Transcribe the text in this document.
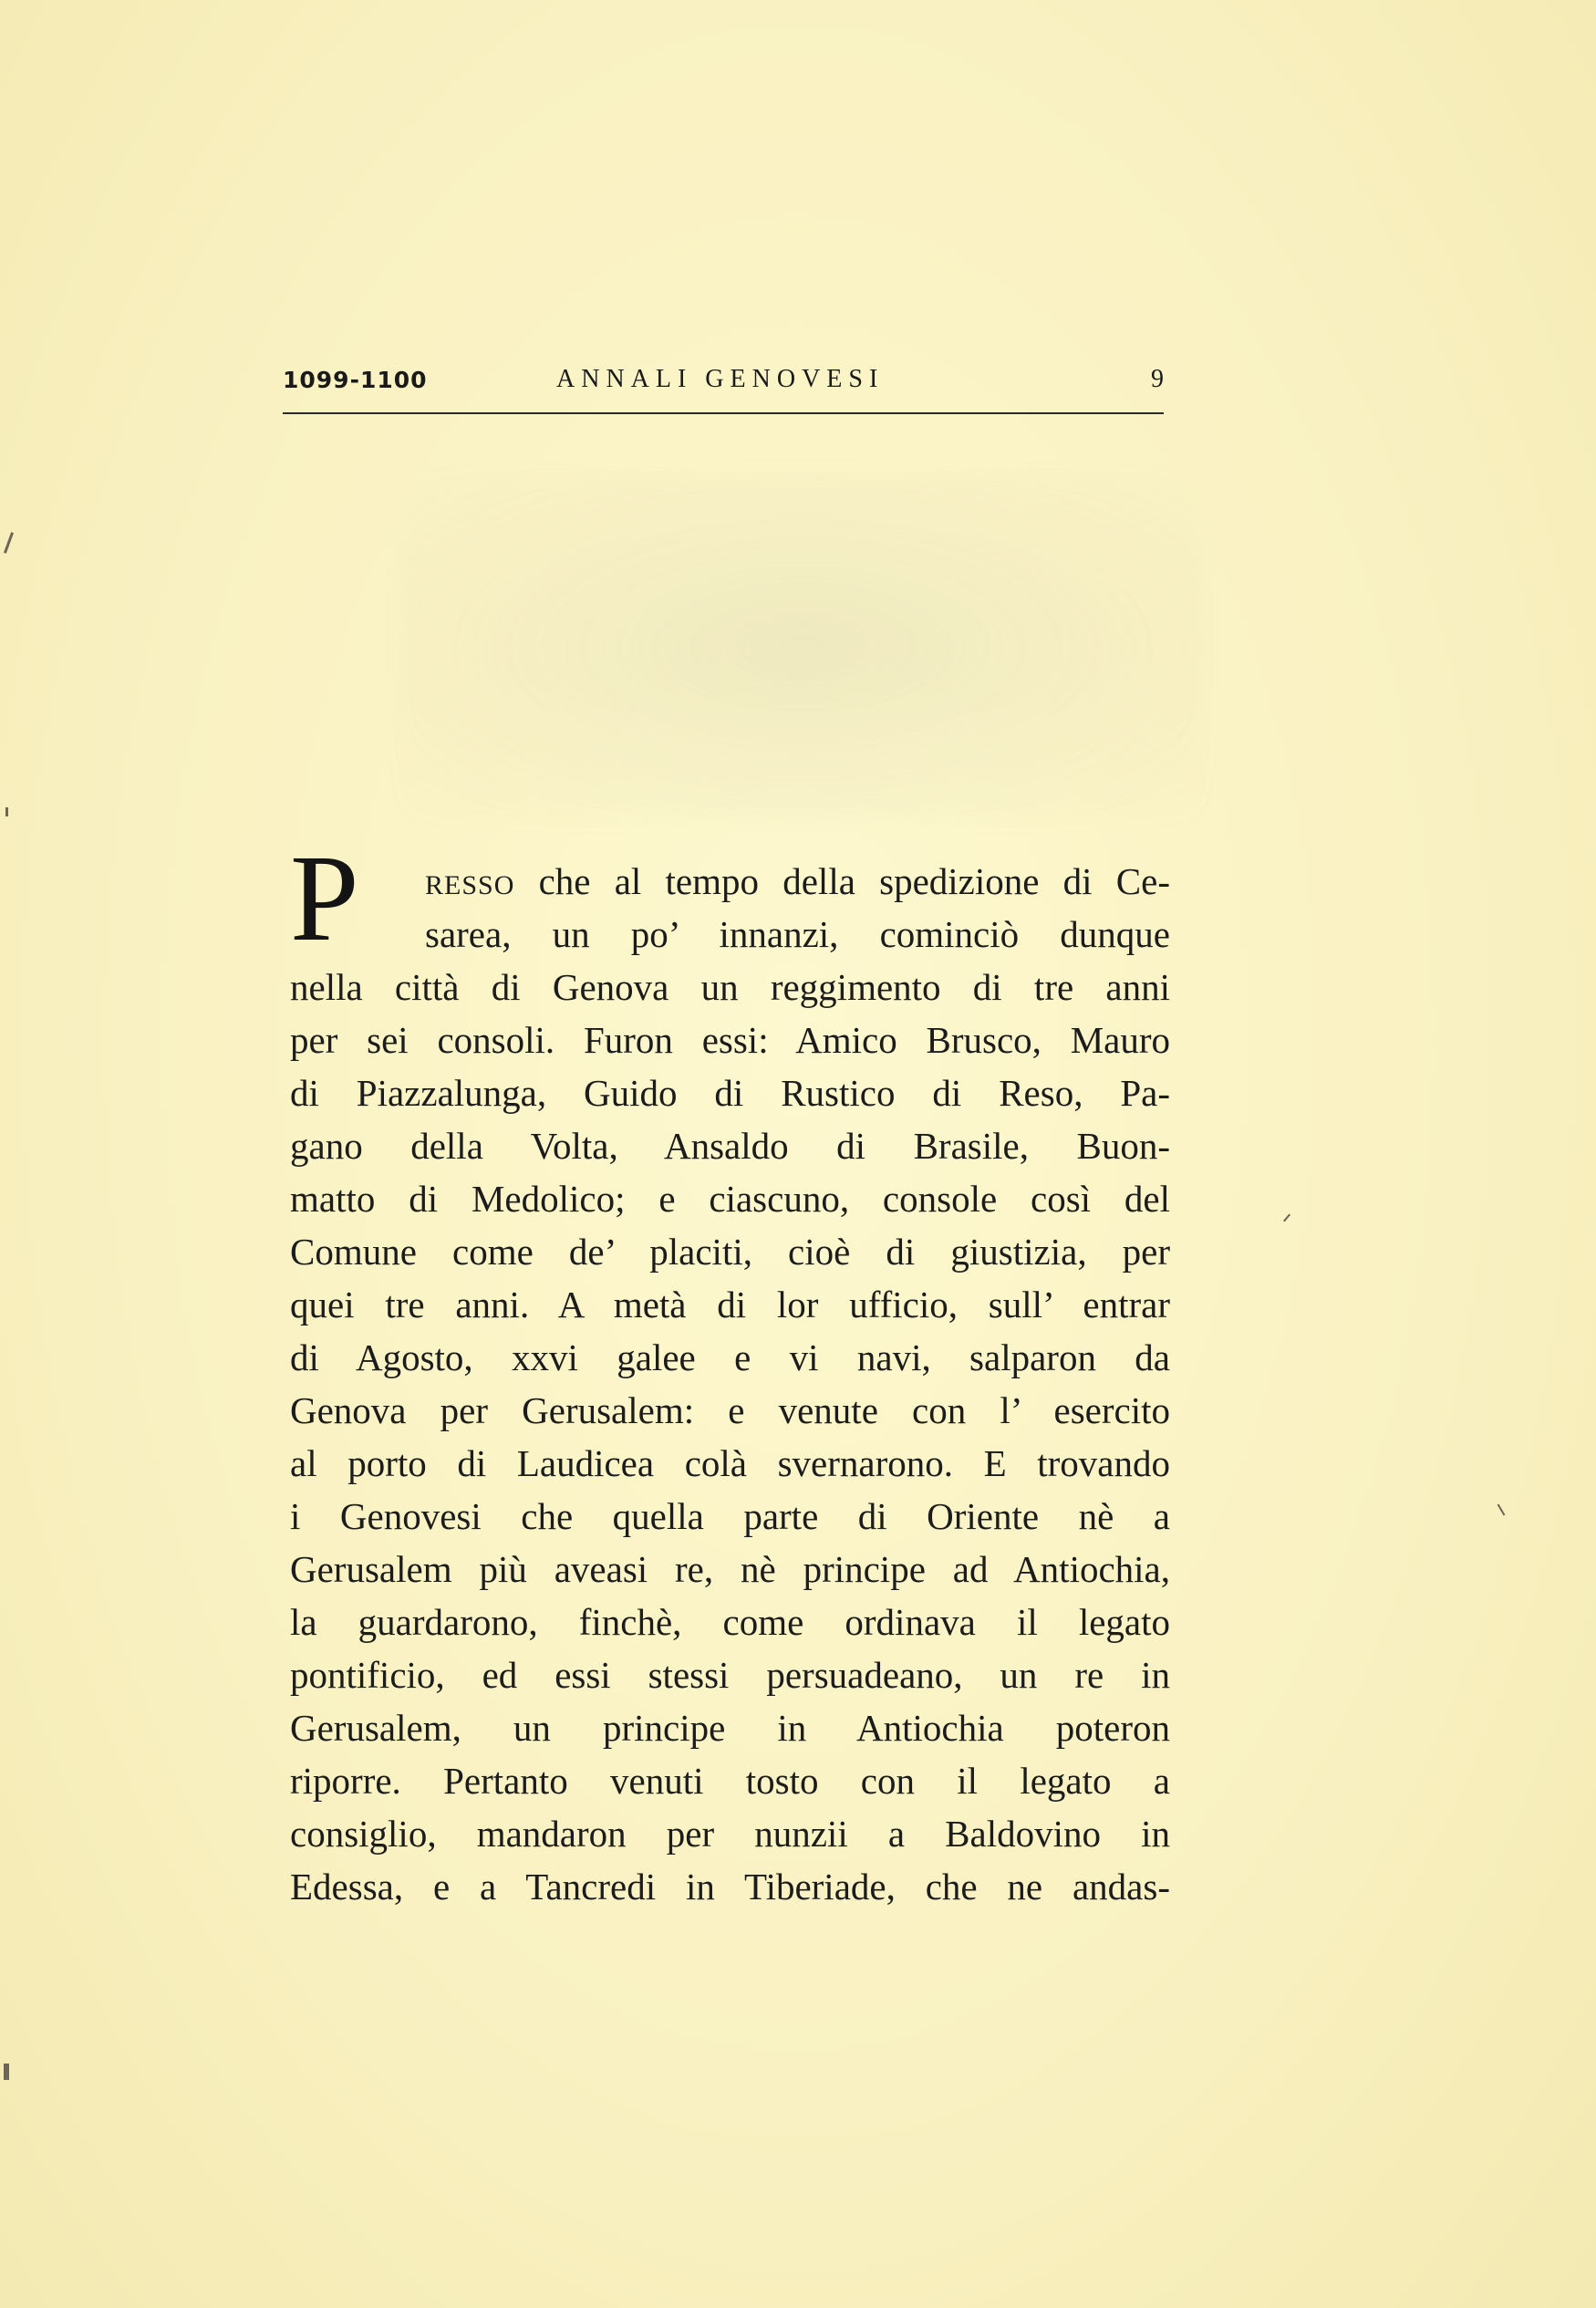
1099-1100	ANNALI GENOVESI	9
P	RESSO che al tempo della spedizione di Ce-
sarea, un po’ innanzi, cominciò dunque
nella città di Genova un reggimento di tre anni
per sei consoli. Furon essi: Amico Brusco, Mauro
di Piazzalunga, Guido di Rustico di Reso, Pa-
gano della Volta, Ansaldo di Brasile, Buon-
matto di Medolico; e ciascuno, console così del
Comune come de’ placiti, cioè di giustizia, per
quei tre anni. A metà di lor ufficio, sull’ entrar
di Agosto, xxvi galee e vi navi, salparon da
Genova per Gerusalem: e venute con l’ esercito
al porto di Laudicea colà svernarono. E trovando
i Genovesi che quella parte di Oriente nè a
Gerusalem più aveasi re, nè principe ad Antiochia,
la guardarono, finchè, come ordinava il legato
pontificio, ed essi stessi persuadeano, un re in
Gerusalem, un principe in Antiochia poteron
riporre. Pertanto venuti tosto con il legato a
consiglio, mandaron per nunzii a Baldovino in
Edessa, e a Tancredi in Tiberiade, che ne andas-
